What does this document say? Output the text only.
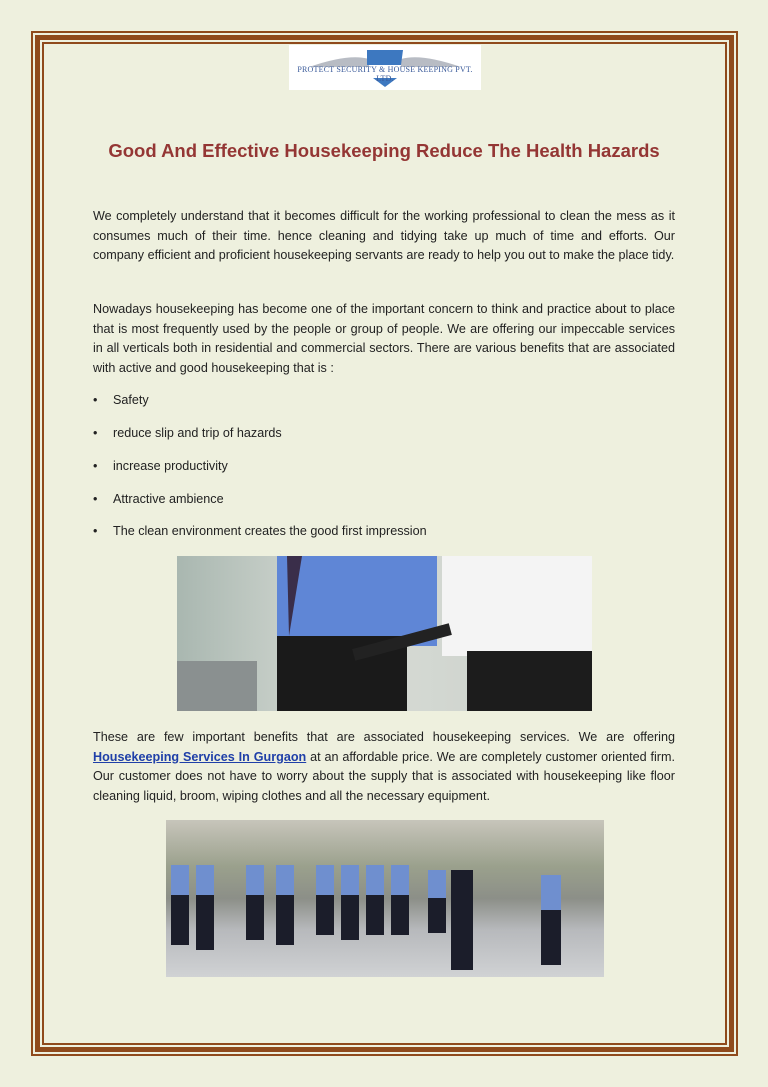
PROTECT SECURITY & HOUSE KEEPING PVT. LTD.
Good And Effective Housekeeping Reduce The Health Hazards
We completely understand that it becomes difficult for the working professional to clean the mess as it consumes much of their time. hence cleaning and tidying take up much of time and efforts. Our company efficient and proficient housekeeping servants are ready to help you out to make the place tidy.
Nowadays housekeeping has become one of the important concern to think and practice about to place that is most frequently used by the people or group of people. We are offering our impeccable services in all verticals both in residential and commercial sectors. There are various benefits that are associated with active and good housekeeping that is :
• Safety
• reduce slip and trip of hazards
• increase productivity
• Attractive ambience
• The clean environment creates the good first impression
These are few important benefits that are associated housekeeping services. We are offering Housekeeping Services In Gurgaon at an affordable price. We are completely customer oriented firm. Our customer does not have to worry about the supply that is associated with housekeeping like floor cleaning liquid, broom, wiping clothes and all the necessary equipment.
